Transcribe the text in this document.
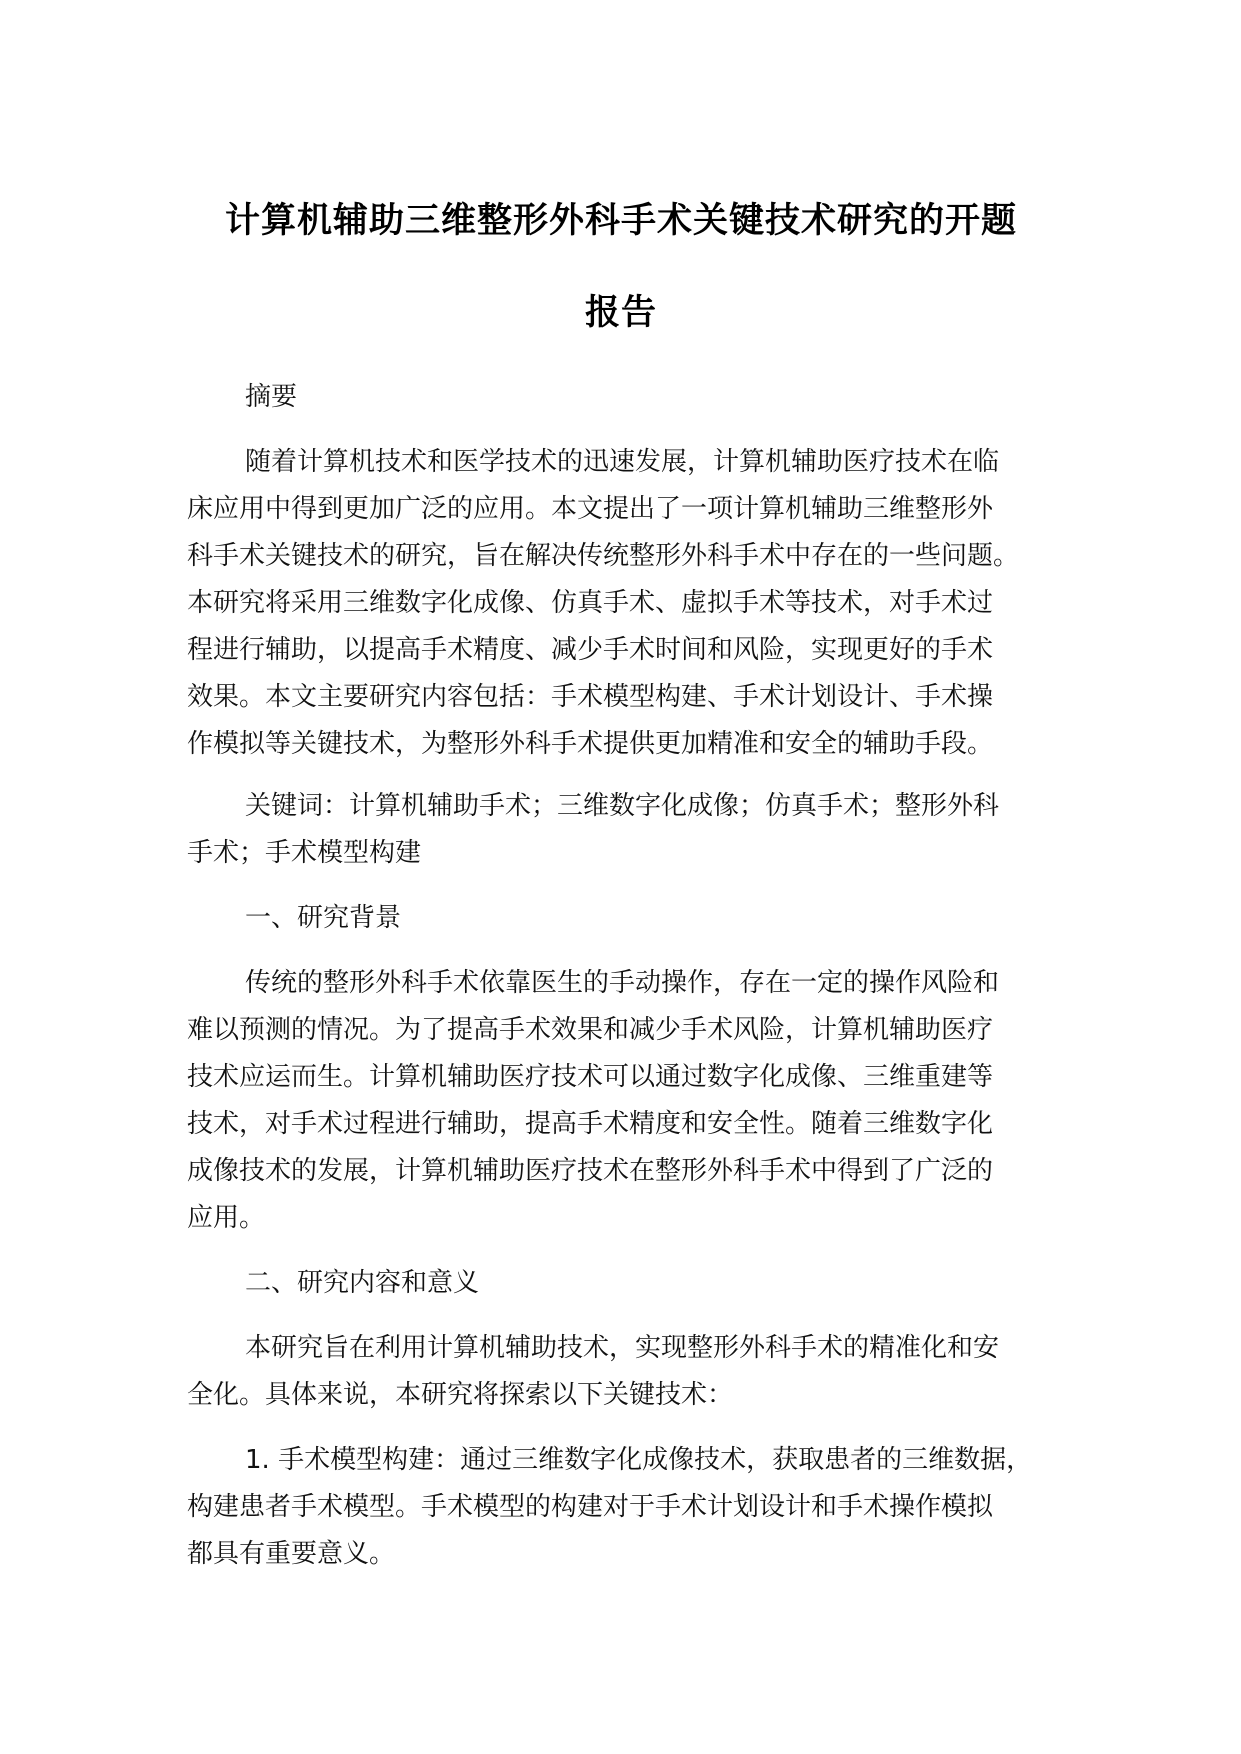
计算机辅助三维整形外科手术关键技术研究的开题
报告
摘要
随着计算机技术和医学技术的迅速发展，计算机辅助医疗技术在临
床应用中得到更加广泛的应用。本文提出了一项计算机辅助三维整形外
科手术关键技术的研究，旨在解决传统整形外科手术中存在的一些问题。
本研究将采用三维数字化成像、仿真手术、虚拟手术等技术，对手术过
程进行辅助，以提高手术精度、减少手术时间和风险，实现更好的手术
效果。本文主要研究内容包括：手术模型构建、手术计划设计、手术操
作模拟等关键技术，为整形外科手术提供更加精准和安全的辅助手段。
关键词：计算机辅助手术；三维数字化成像；仿真手术；整形外科
手术；手术模型构建
一、研究背景
传统的整形外科手术依靠医生的手动操作，存在一定的操作风险和
难以预测的情况。为了提高手术效果和减少手术风险，计算机辅助医疗
技术应运而生。计算机辅助医疗技术可以通过数字化成像、三维重建等
技术，对手术过程进行辅助，提高手术精度和安全性。随着三维数字化
成像技术的发展，计算机辅助医疗技术在整形外科手术中得到了广泛的
应用。
二、研究内容和意义
本研究旨在利用计算机辅助技术，实现整形外科手术的精准化和安
全化。具体来说，本研究将探索以下关键技术：
1. 手术模型构建：通过三维数字化成像技术，获取患者的三维数据，
构建患者手术模型。手术模型的构建对于手术计划设计和手术操作模拟
都具有重要意义。
